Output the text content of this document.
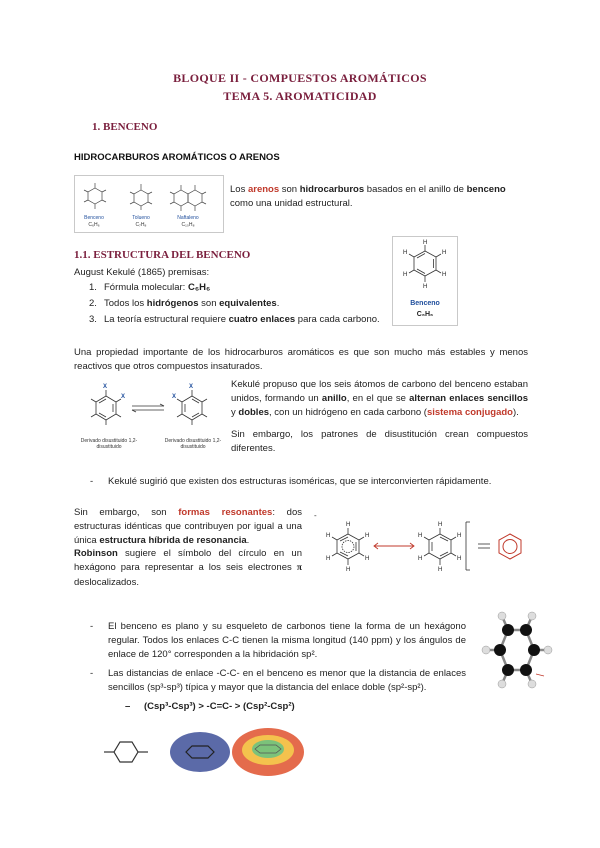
BLOQUE II - COMPUESTOS AROMÁTICOS
TEMA 5. AROMATICIDAD
1. BENCENO
HIDROCARBUROS AROMÁTICOS O ARENOS
Benceno
C₆H₆
Tolueno
C₇H₈
Naftaleno
C₁₀H₈
Los arenos son hidrocarburos basados en el anillo de benceno como una unidad estructural.
1.1. ESTRUCTURA DEL BENCENO
August Kekulé (1865) premisas:
1. Fórmula molecular: C₆H₆
2. Todos los hidrógenos son equivalentes.
3. La teoría estructural requiere cuatro enlaces para cada carbono.
H
H
H
H
H
H
Benceno
C₆H₆
Una propiedad importante de los hidrocarburos aromáticos es que son mucho más estables y menos reactivos que otros compuestos insaturados.
X
X
X
X
Derivado disustituido 1,2-disustituido
Derivado disustituido 1,2-disustituido
Kekulé propuso que los seis átomos de carbono del benceno estaban unidos, formando un anillo, en el que se alternan enlaces sencillos y dobles, con un hidrógeno en cada carbono (sistema conjugado).
Sin embargo, los patrones de disustitución crean compuestos diferentes.
- Kekulé sugirió que existen dos estructuras isoméricas, que se interconvierten rápidamente.
Sin embargo, son formas resonantes: dos estructuras idénticas que contribuyen por igual a una única estructura híbrida de resonancia.
Robinson sugiere el símbolo del círculo en un hexágono para representar a los seis electrones π deslocalizados.
-
H
H
H
H
H
H
H
H
H
H
H
H
- El benceno es plano y su esqueleto de carbonos tiene la forma de un hexágono regular. Todos los enlaces C-C tienen la misma longitud (140 ppm) y los ángulos de enlace de 120° corresponden a la hibridación sp².
- Las distancias de enlace -C-C- en el benceno es menor que la distancia de enlaces sencillos (sp³-sp³) típica y mayor que la distancia del enlace doble (sp²-sp²).
– (Csp³-Csp³) > -C=C- > (Csp²-Csp²)
